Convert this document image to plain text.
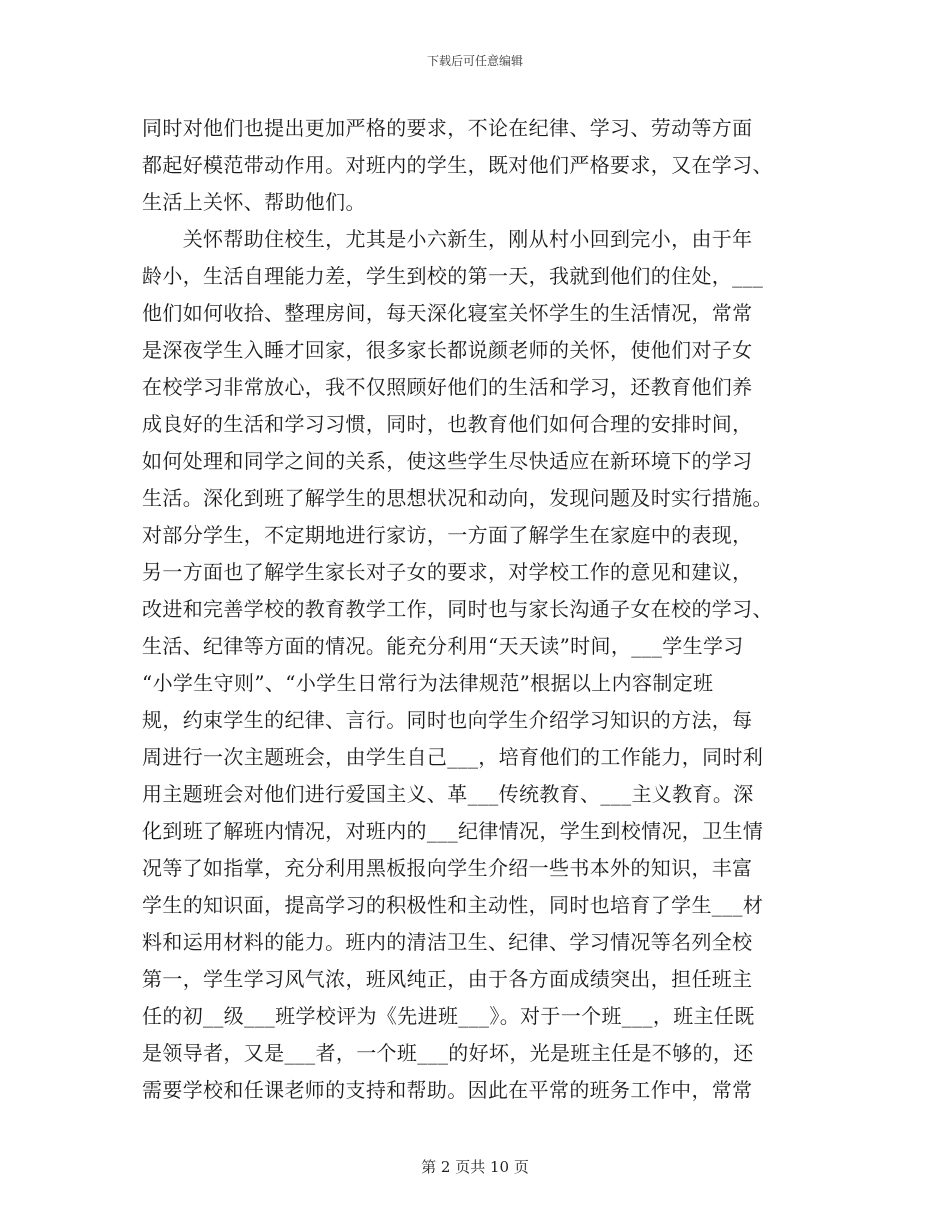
下载后可任意编辑
同时对他们也提出更加严格的要求，不论在纪律、学习、劳动等方面
都起好模范带动作用。对班内的学生，既对他们严格要求，又在学习、
生活上关怀、帮助他们。
　　关怀帮助住校生，尤其是小六新生，刚从村小回到完小，由于年
龄小，生活自理能力差，学生到校的第一天，我就到他们的住处，___
他们如何收拾、整理房间，每天深化寝室关怀学生的生活情况，常常
是深夜学生入睡才回家，很多家长都说颜老师的关怀，使他们对子女
在校学习非常放心，我不仅照顾好他们的生活和学习，还教育他们养
成良好的生活和学习习惯，同时，也教育他们如何合理的安排时间，
如何处理和同学之间的关系，使这些学生尽快适应在新环境下的学习
生活。深化到班了解学生的思想状况和动向，发现问题及时实行措施。
对部分学生，不定期地进行家访，一方面了解学生在家庭中的表现，
另一方面也了解学生家长对子女的要求，对学校工作的意见和建议，
改进和完善学校的教育教学工作，同时也与家长沟通子女在校的学习、
生活、纪律等方面的情况。能充分利用“天天读”时间，___学生学习
“小学生守则”、“小学生日常行为法律规范”根据以上内容制定班
规，约束学生的纪律、言行。同时也向学生介绍学习知识的方法，每
周进行一次主题班会，由学生自己___，培育他们的工作能力，同时利
用主题班会对他们进行爱国主义、革___传统教育、___主义教育。深
化到班了解班内情况，对班内的___纪律情况，学生到校情况，卫生情
况等了如指掌，充分利用黑板报向学生介绍一些书本外的知识，丰富
学生的知识面，提高学习的积极性和主动性，同时也培育了学生___材
料和运用材料的能力。班内的清洁卫生、纪律、学习情况等名列全校
第一，学生学习风气浓，班风纯正，由于各方面成绩突出，担任班主
任的初__级___班学校评为《先进班___》。对于一个班___，班主任既
是领导者，又是___者，一个班___的好坏，光是班主任是不够的，还
需要学校和任课老师的支持和帮助。因此在平常的班务工作中，常常
第 2 页共 10 页
